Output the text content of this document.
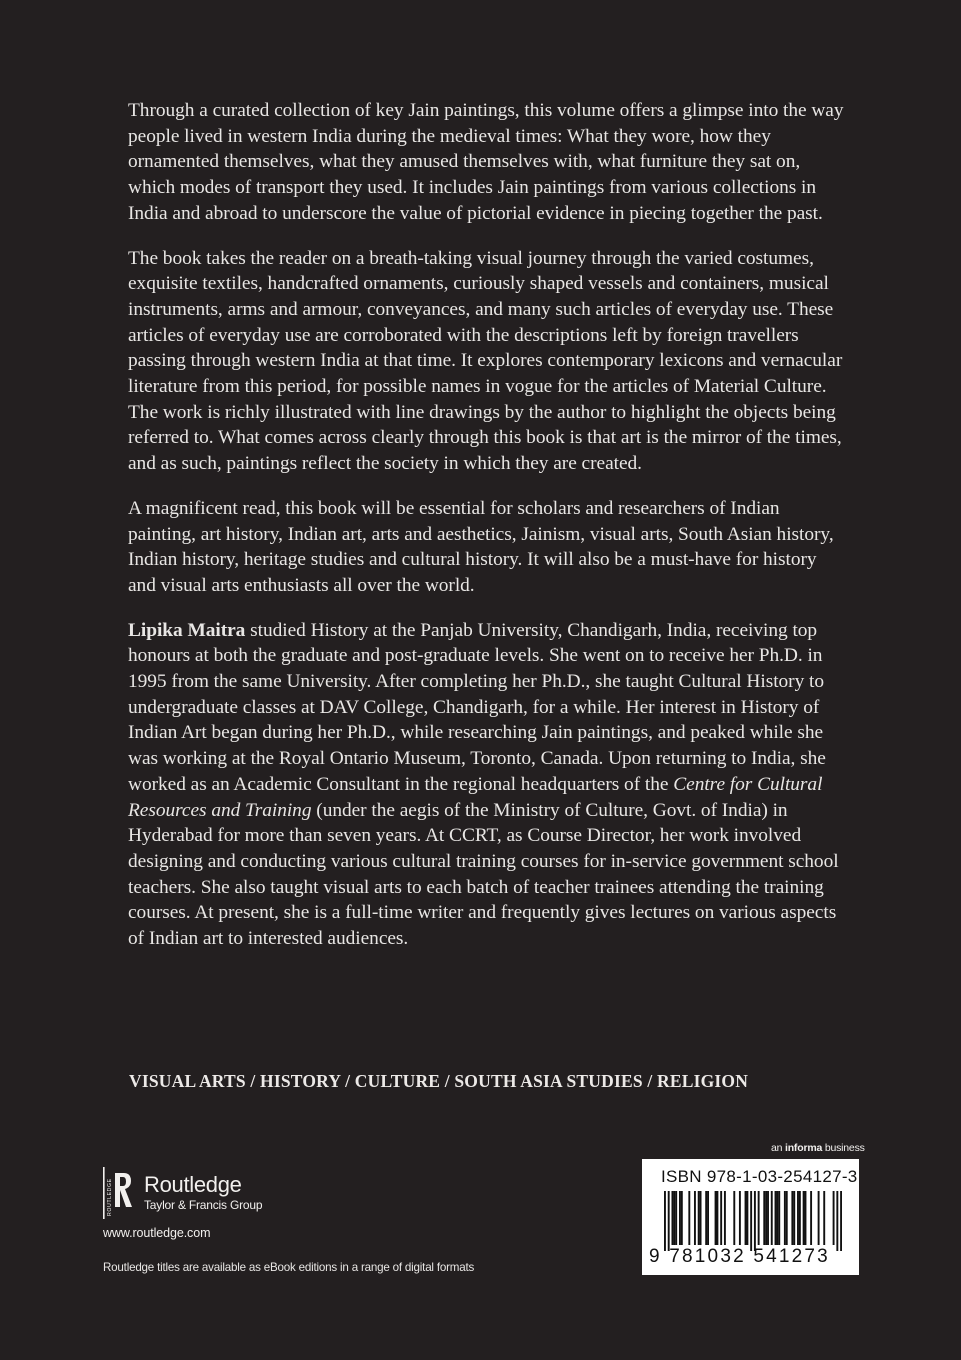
Through a curated collection of key Jain paintings, this volume offers a glimpse into the way people lived in western India during the medieval times: What they wore, how they ornamented themselves, what they amused themselves with, what furniture they sat on, which modes of transport they used. It includes Jain paintings from various collections in India and abroad to underscore the value of pictorial evidence in piecing together the past.

The book takes the reader on a breath-taking visual journey through the varied costumes, exquisite textiles, handcrafted ornaments, curiously shaped vessels and containers, musical instruments, arms and armour, conveyances, and many such articles of everyday use. These articles of everyday use are corroborated with the descriptions left by foreign travellers passing through western India at that time. It explores contemporary lexicons and vernacular literature from this period, for possible names in vogue for the articles of Material Culture. The work is richly illustrated with line drawings by the author to highlight the objects being referred to. What comes across clearly through this book is that art is the mirror of the times, and as such, paintings reflect the society in which they are created.

A magnificent read, this book will be essential for scholars and researchers of Indian painting, art history, Indian art, arts and aesthetics, Jainism, visual arts, South Asian history, Indian history, heritage studies and cultural history. It will also be a must-have for history and visual arts enthusiasts all over the world.

Lipika Maitra studied History at the Panjab University, Chandigarh, India, receiving top honours at both the graduate and post-graduate levels. She went on to receive her Ph.D. in 1995 from the same University. After completing her Ph.D., she taught Cultural History to undergraduate classes at DAV College, Chandigarh, for a while. Her interest in History of Indian Art began during her Ph.D., while researching Jain paintings, and peaked while she was working at the Royal Ontario Museum, Toronto, Canada. Upon returning to India, she worked as an Academic Consultant in the regional headquarters of the Centre for Cultural Resources and Training (under the aegis of the Ministry of Culture, Govt. of India) in Hyderabad for more than seven years. At CCRT, as Course Director, her work involved designing and conducting various cultural training courses for in-service government school teachers. She also taught visual arts to each batch of teacher trainees attending the training courses. At present, she is a full-time writer and frequently gives lectures on various aspects of Indian art to interested audiences.

VISUAL ARTS / HISTORY / CULTURE / SOUTH ASIA STUDIES / RELIGION
ROUTLEDGE Routledge
Taylor & Francis Group
www.routledge.com
Routledge titles are available as eBook editions in a range of digital formats
an informa business
ISBN 978-1-03-254127-3
9 781032 541273
